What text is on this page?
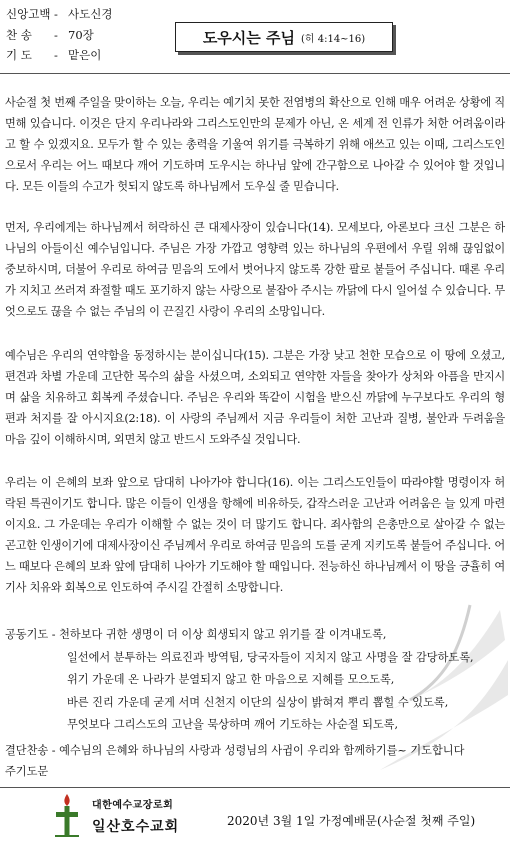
신앙고백 - 사도신경
찬 송	- 70장
기 도	- 맡은이
도우시는 주님 (히 4:14~16)

사순절 첫 번째 주일을 맞이하는 오늘, 우리는 예기치 못한 전염병의 확산으로 인해 매우 어려운 상황에 직면해 있습니다. 이것은 단지 우리나라와 그리스도인만의 문제가 아닌, 온 세계 전 인류가 처한 어려움이라고 할 수 있겠지요. 모두가 할 수 있는 총력을 기울여 위기를 극복하기 위해 애쓰고 있는 이때, 그리스도인으로서 우리는 어느 때보다 깨어 기도하며 도우시는 하나님 앞에 간구함으로 나아갈 수 있어야 할 것입니다. 모든 이들의 수고가 헛되지 않도록 하나님께서 도우실 줄 믿습니다.

먼저, 우리에게는 하나님께서 허락하신 큰 대제사장이 있습니다(14). 모세보다, 아론보다 크신 그분은 하나님의 아들이신 예수님입니다. 주님은 가장 가깝고 영향력 있는 하나님의 우편에서 우릴 위해 끊임없이 중보하시며, 더불어 우리로 하여금 믿음의 도에서 벗어나지 않도록 강한 팔로 붙들어 주십니다. 때론 우리가 지치고 쓰러져 좌절할 때도 포기하지 않는 사랑으로 붙잡아 주시는 까닭에 다시 일어설 수 있습니다. 무엇으로도 끊을 수 없는 주님의 이 끈질긴 사랑이 우리의 소망입니다.

예수님은 우리의 연약함을 동정하시는 분이십니다(15). 그분은 가장 낮고 천한 모습으로 이 땅에 오셨고, 편견과 차별 가운데 고단한 목수의 삶을 사셨으며, 소외되고 연약한 자들을 찾아가 상처와 아픔을 만지시며 삶을 치유하고 회복케 주셨습니다. 주님은 우리와 똑같이 시험을 받으신 까닭에 누구보다도 우리의 형편과 처지를 잘 아시지요(2:18). 이 사랑의 주님께서 지금 우리들이 처한 고난과 질병, 불안과 두려움을 마음 깊이 이해하시며, 외면치 않고 반드시 도와주실 것입니다.

우리는 이 은혜의 보좌 앞으로 담대히 나아가야 합니다(16). 이는 그리스도인들이 따라야할 명령이자 허락된 특권이기도 합니다. 많은 이들이 인생을 항해에 비유하듯, 갑작스러운 고난과 어려움은 늘 있게 마련이지요. 그 가운데는 우리가 이해할 수 없는 것이 더 많기도 합니다. 죄사함의 은총만으로 살아갈 수 없는 곤고한 인생이기에 대제사장이신 주님께서 우리로 하여금 믿음의 도를 굳게 지키도록 붙들어 주십니다. 어느 때보다 은혜의 보좌 앞에 담대히 나아가 기도해야 할 때입니다. 전능하신 하나님께서 이 땅을 긍휼히 여기사 치유와 회복으로 인도하여 주시길 간절히 소망합니다.

공동기도 - 천하보다 귀한 생명이 더 이상 희생되지 않고 위기를 잘 이겨내도록,
일선에서 분투하는 의료진과 방역팀, 당국자들이 지치지 않고 사명을 잘 감당하도록,
위기 가운데 온 나라가 분열되지 않고 한 마음으로 지혜를 모으도록,
바른 진리 가운데 굳게 서며 신천지 이단의 실상이 밝혀져 뿌리 뽑힐 수 있도록,
무엇보다 그리스도의 고난을 묵상하며 깨어 기도하는 사순절 되도록,
결단찬송 - 예수님의 은혜와 하나님의 사랑과 성령님의 사귐이 우리와 함께하기를~ 기도합니다
주기도문
대한예수교장로회
일산호수교회	2020년 3월 1일 가정예배문(사순절 첫째 주일)
